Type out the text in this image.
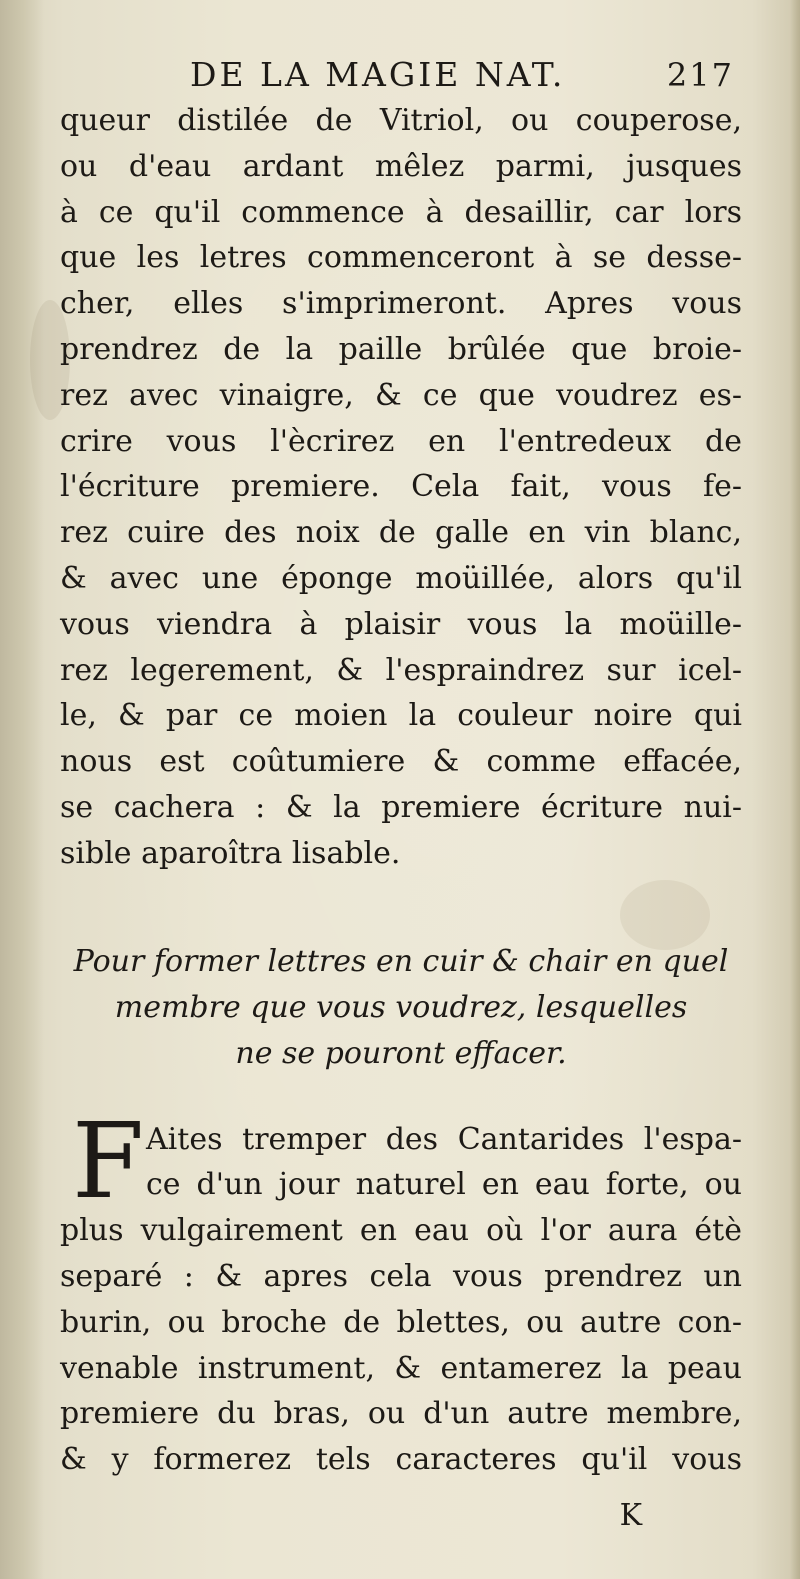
DE LA MAGIE NAT.	217

queur distilée de Vitriol, ou couperose,
ou d'eau ardant mêlez parmi, jusques
à ce qu'il commence à desaillir, car lors
que les letres commenceront à se desse-
cher, elles s'imprimeront. Apres vous
prendrez de la paille brûlée que broie-
rez avec vinaigre, & ce que voudrez es-
crire vous l'ècrirez en l'entredeux de
l'écriture premiere. Cela fait, vous fe-
rez cuire des noix de galle en vin blanc,
& avec une éponge moüillée, alors qu'il
vous viendra à plaisir vous la moüille-
rez legerement, & l'espraindrez sur icel-
le, & par ce moien la couleur noire qui
nous est coûtumiere & comme effacée,
se cachera : & la premiere écriture nui-
sible aparoîtra lisable.

Pour former lettres en cuir & chair en quel
membre que vous voudrez, lesquelles
ne se pouront effacer.
F Aites tremper des Cantarides l'espa-
ce d'un jour naturel en eau forte, ou
plus vulgairement en eau où l'or aura étè
separé : & apres cela vous prendrez un
burin, ou broche de blettes, ou autre con-
venable instrument, & entamerez la peau
premiere du bras, ou d'un autre membre,
& y formerez tels caracteres qu'il vous
K
